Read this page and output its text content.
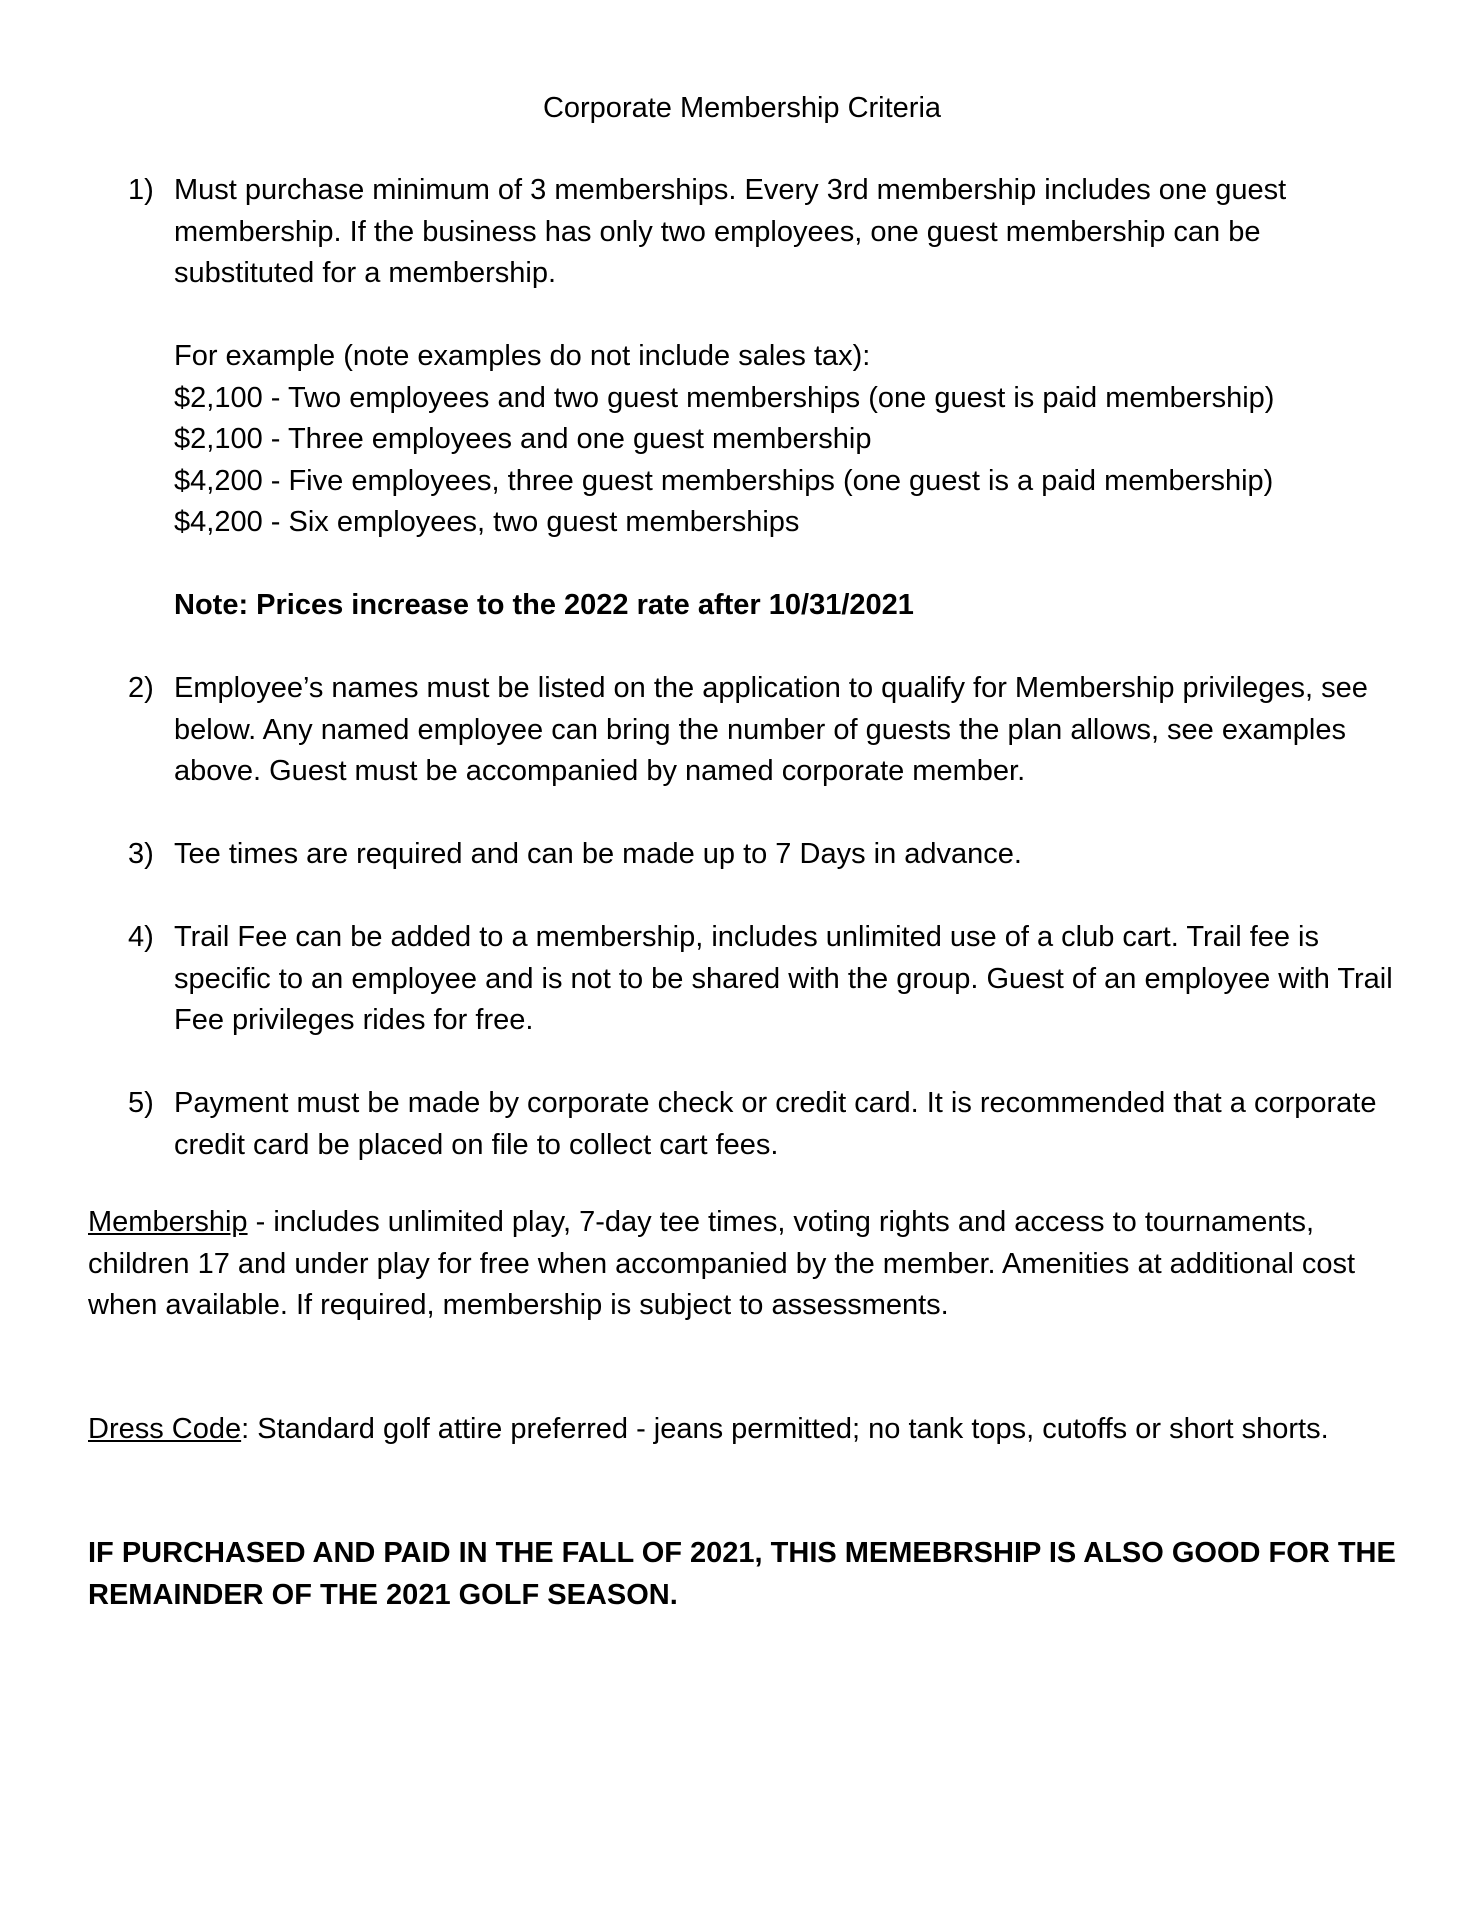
Corporate Membership Criteria
1) Must purchase minimum of 3 memberships. Every 3rd membership includes one guest membership. If the business has only two employees, one guest membership can be substituted for a membership.

For example (note examples do not include sales tax):
$2,100 - Two employees and two guest memberships (one guest is paid membership)
$2,100 - Three employees and one guest membership
$4,200 - Five employees, three guest memberships (one guest is a paid membership)
$4,200 - Six employees, two guest memberships
Note: Prices increase to the 2022 rate after 10/31/2021
2) Employee’s names must be listed on the application to qualify for Membership privileges, see below. Any named employee can bring the number of guests the plan allows, see examples above. Guest must be accompanied by named corporate member.

3) Tee times are required and can be made up to 7 Days in advance.

4) Trail Fee can be added to a membership, includes unlimited use of a club cart. Trail fee is specific to an employee and is not to be shared with the group. Guest of an employee with Trail Fee privileges rides for free.

5) Payment must be made by corporate check or credit card. It is recommended that a corporate credit card be placed on file to collect cart fees.

Membership - includes unlimited play, 7-day tee times, voting rights and access to tournaments, children 17 and under play for free when accompanied by the member. Amenities at additional cost when available. If required, membership is subject to assessments.

Dress Code: Standard golf attire preferred - jeans permitted; no tank tops, cutoffs or short shorts.

IF PURCHASED AND PAID IN THE FALL OF 2021, THIS MEMEBRSHIP IS ALSO GOOD FOR THE REMAINDER OF THE 2021 GOLF SEASON.
